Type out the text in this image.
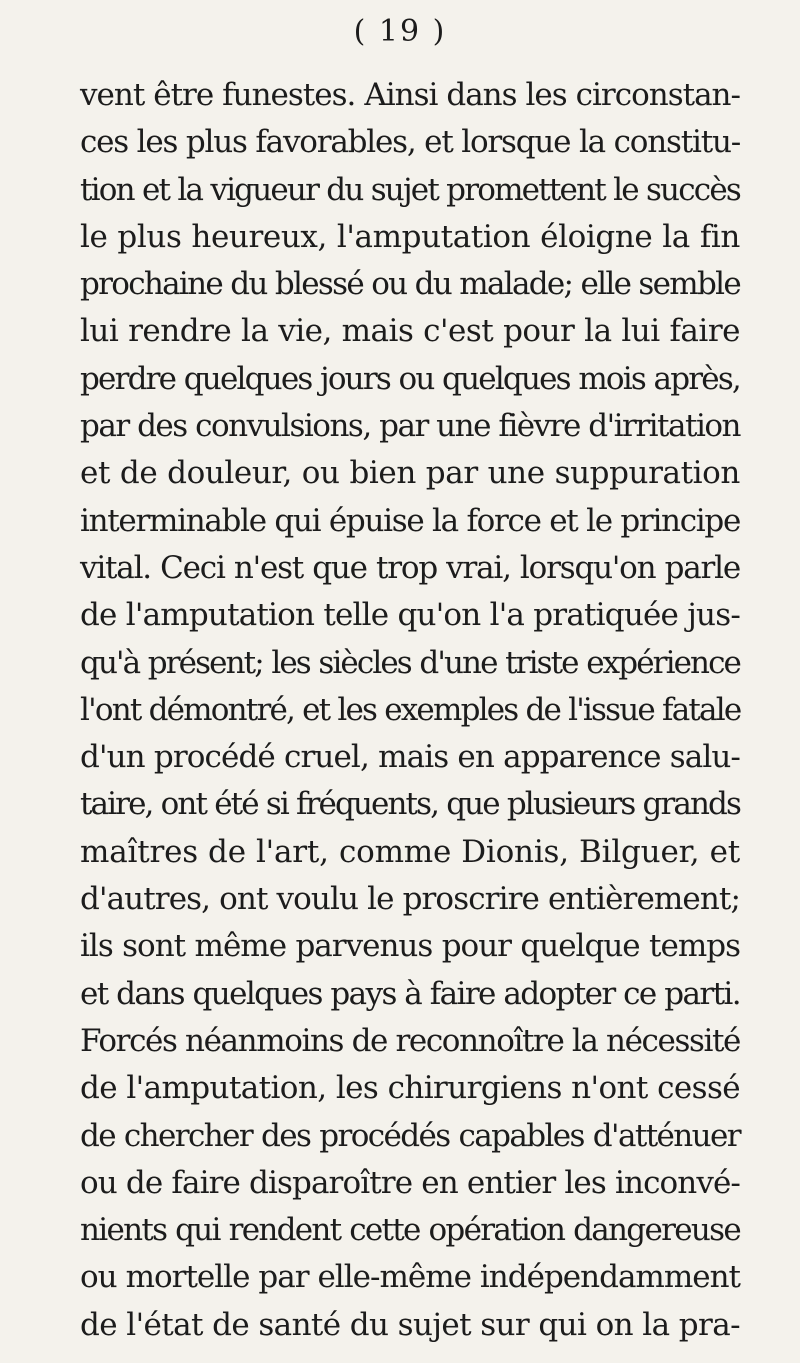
( 19 )
vent être funestes. Ainsi dans les circonstan-
ces les plus favorables, et lorsque la constitu-
tion et la vigueur du sujet promettent le succès
le plus heureux, l'amputation éloigne la fin
prochaine du blessé ou du malade; elle semble
lui rendre la vie, mais c'est pour la lui faire
perdre quelques jours ou quelques mois après,
par des convulsions, par une fièvre d'irritation
et de douleur, ou bien par une suppuration
interminable qui épuise la force et le principe
vital. Ceci n'est que trop vrai, lorsqu'on parle
de l'amputation telle qu'on l'a pratiquée jus-
qu'à présent; les siècles d'une triste expérience
l'ont démontré, et les exemples de l'issue fatale
d'un procédé cruel, mais en apparence salu-
taire, ont été si fréquents, que plusieurs grands
maîtres de l'art, comme Dionis, Bilguer, et
d'autres, ont voulu le proscrire entièrement;
ils sont même parvenus pour quelque temps
et dans quelques pays à faire adopter ce parti.
Forcés néanmoins de reconnoître la nécessité
de l'amputation, les chirurgiens n'ont cessé
de chercher des procédés capables d'atténuer
ou de faire disparoître en entier les inconvé-
nients qui rendent cette opération dangereuse
ou mortelle par elle-même indépendamment
de l'état de santé du sujet sur qui on la pra-
